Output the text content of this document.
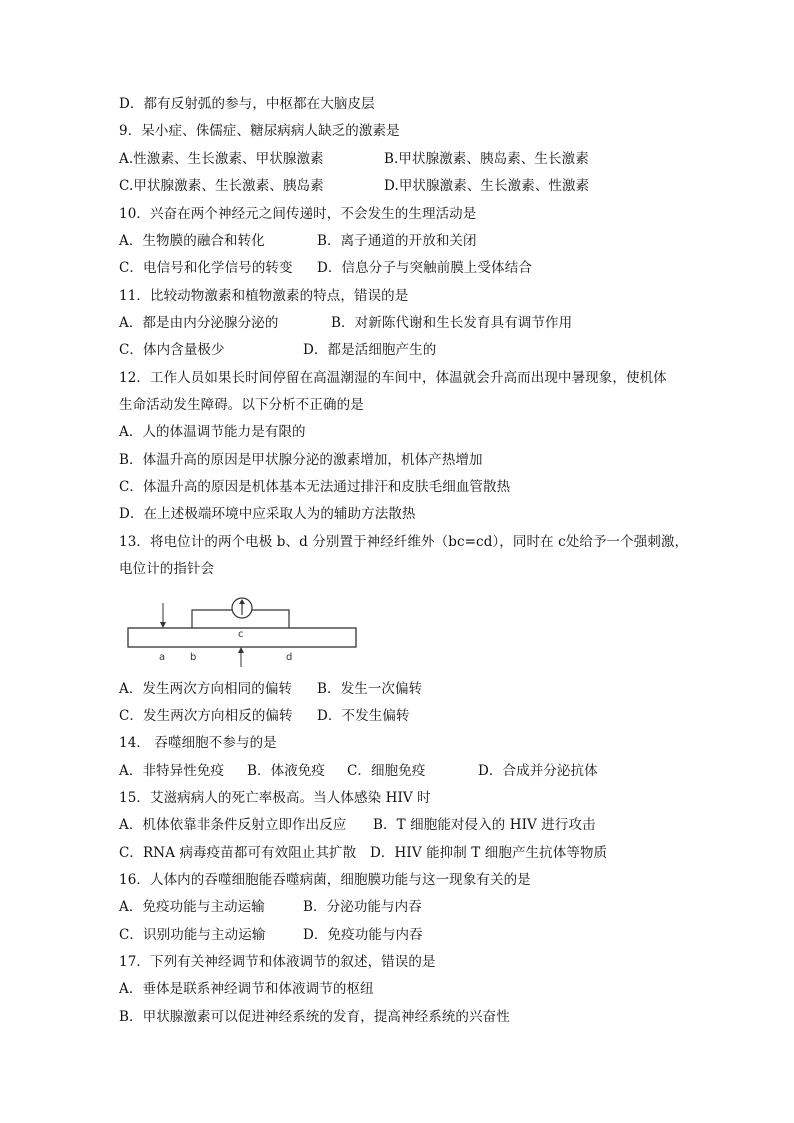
D．都有反射弧的参与，中枢都在大脑皮层
9．呆小症、侏儒症、糖尿病病人缺乏的激素是
A.性激素、生长激素、甲状腺激素	B.甲状腺激素、胰岛素、生长激素
C.甲状腺激素、生长激素、胰岛素	D.甲状腺激素、生长激素、性激素
10．兴奋在两个神经元之间传递时，不会发生的生理活动是
A．生物膜的融合和转化	B．离子通道的开放和关闭
C．电信号和化学信号的转变 D．信息分子与突触前膜上受体结合
11．比较动物激素和植物激素的特点，错误的是
A．都是由内分泌腺分泌的	B．对新陈代谢和生长发育具有调节作用
C．体内含量极少	D．都是活细胞产生的
12．工作人员如果长时间停留在高温潮湿的车间中，体温就会升高而出现中暑现象，使机体
生命活动发生障碍。以下分析不正确的是
A．人的体温调节能力是有限的
B．体温升高的原因是甲状腺分泌的激素增加，机体产热增加
C．体温升高的原因是机体基本无法通过排汗和皮肤毛细血管散热
D．在上述极端环境中应采取人为的辅助方法散热
13．将电位计的两个电极 b、d 分别置于神经纤维外（bc=cd），同时在 c处给予一个强刺激，
电位计的指针会
c
a b	d
A．发生两次方向相同的偏转 B．发生一次偏转
C．发生两次方向相反的偏转 D．不发生偏转
14． 吞噬细胞不参与的是
A．非特异性免疫 B．体液免疫 C．细胞免疫	D．合成并分泌抗体
15．艾滋病病人的死亡率极高。当人体感染 HIV 时
A．机体依靠非条件反射立即作出反应 B．T 细胞能对侵入的 HIV 进行攻击
C．RNA 病毒疫苗都可有效阻止其扩散 D．HIV 能抑制 T 细胞产生抗体等物质
16．人体内的吞噬细胞能吞噬病菌，细胞膜功能与这一现象有关的是
A．免疫功能与主动运输	B．分泌功能与内吞
C．识别功能与主动运输	D．免疫功能与内吞
17．下列有关神经调节和体液调节的叙述，错误的是
A．垂体是联系神经调节和体液调节的枢纽
B．甲状腺激素可以促进神经系统的发育，提高神经系统的兴奋性
